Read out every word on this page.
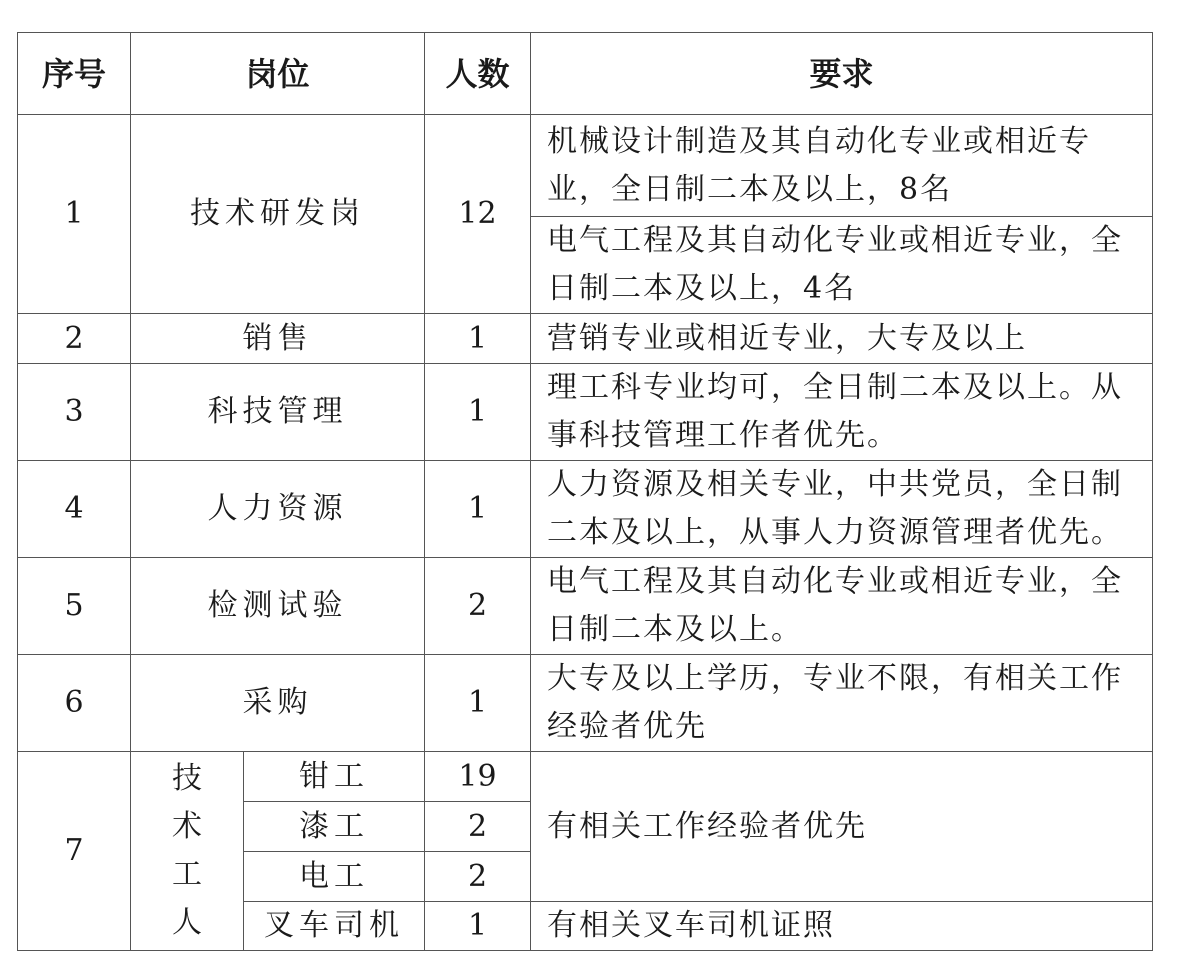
序号	岗位		人数	要求
1	技术研发岗		12	机械设计制造及其自动化专业或相近专业，全日制二本及以上，8名
				电气工程及其自动化专业或相近专业，全日制二本及以上，4名
2	销售		1	营销专业或相近专业，大专及以上
3	科技管理		1	理工科专业均可，全日制二本及以上。从事科技管理工作者优先。
4	人力资源		1	人力资源及相关专业，中共党员，全日制二本及以上，从事人力资源管理者优先。
5	检测试验		2	电气工程及其自动化专业或相近专业，全日制二本及以上。
6	采购		1	大专及以上学历，专业不限，有相关工作经验者优先
7	技术工人	钳工	19	有相关工作经验者优先
		漆工	2	
		电工	2	
		叉车司机	1	有相关叉车司机证照
